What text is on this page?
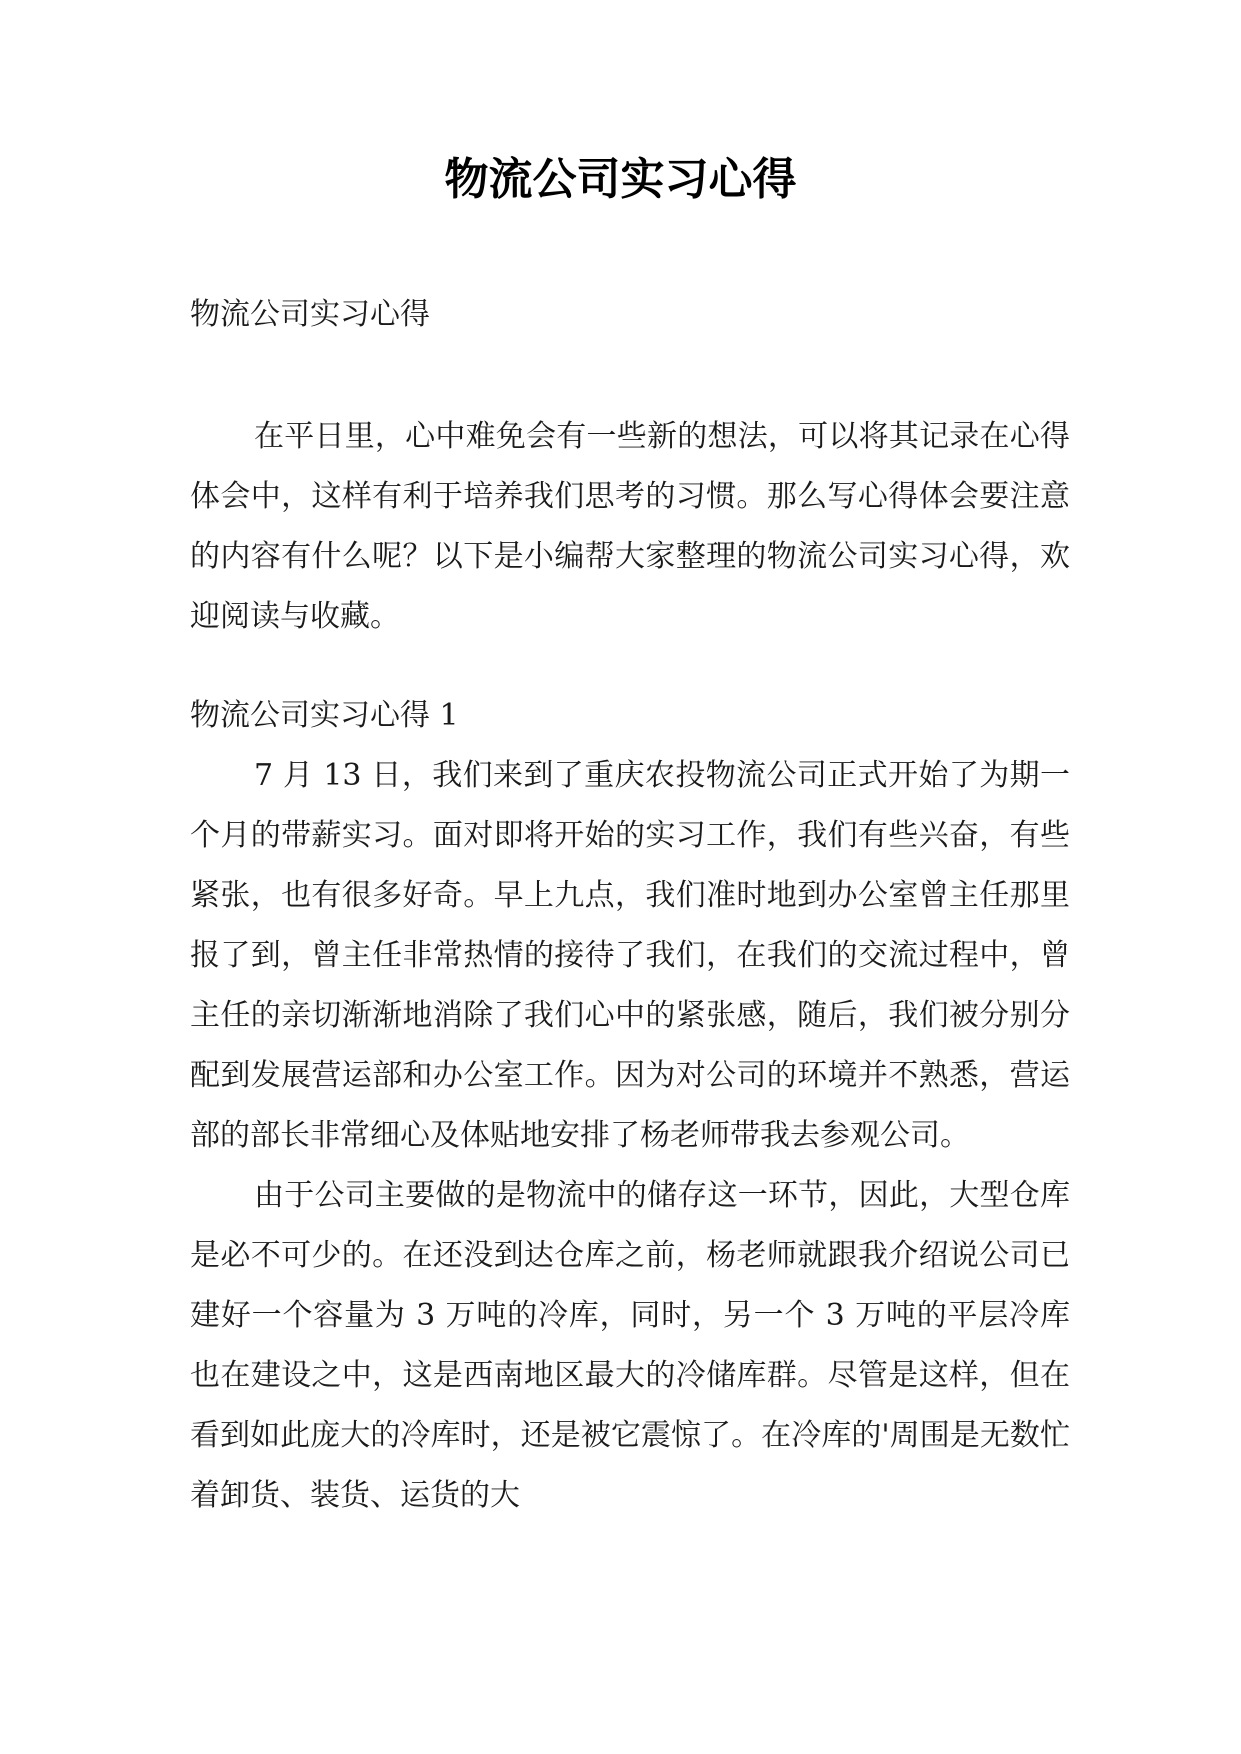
物流公司实习心得

物流公司实习心得

在平日里，心中难免会有一些新的想法，可以将其记录在心得体会中，这样有利于培养我们思考的习惯。那么写心得体会要注意的内容有什么呢？以下是小编帮大家整理的物流公司实习心得，欢迎阅读与收藏。

物流公司实习心得 1

7 月 13 日，我们来到了重庆农投物流公司正式开始了为期一个月的带薪实习。面对即将开始的实习工作，我们有些兴奋，有些紧张，也有很多好奇。早上九点，我们准时地到办公室曾主任那里报了到，曾主任非常热情的接待了我们，在我们的交流过程中，曾主任的亲切渐渐地消除了我们心中的紧张感，随后，我们被分别分配到发展营运部和办公室工作。因为对公司的环境并不熟悉，营运部的部长非常细心及体贴地安排了杨老师带我去参观公司。

由于公司主要做的是物流中的储存这一环节，因此，大型仓库是必不可少的。在还没到达仓库之前，杨老师就跟我介绍说公司已建好一个容量为 3 万吨的冷库，同时，另一个 3 万吨的平层冷库也在建设之中，这是西南地区最大的冷储库群。尽管是这样，但在看到如此庞大的冷库时，还是被它震惊了。在冷库的'周围是无数忙着卸货、装货、运货的大
